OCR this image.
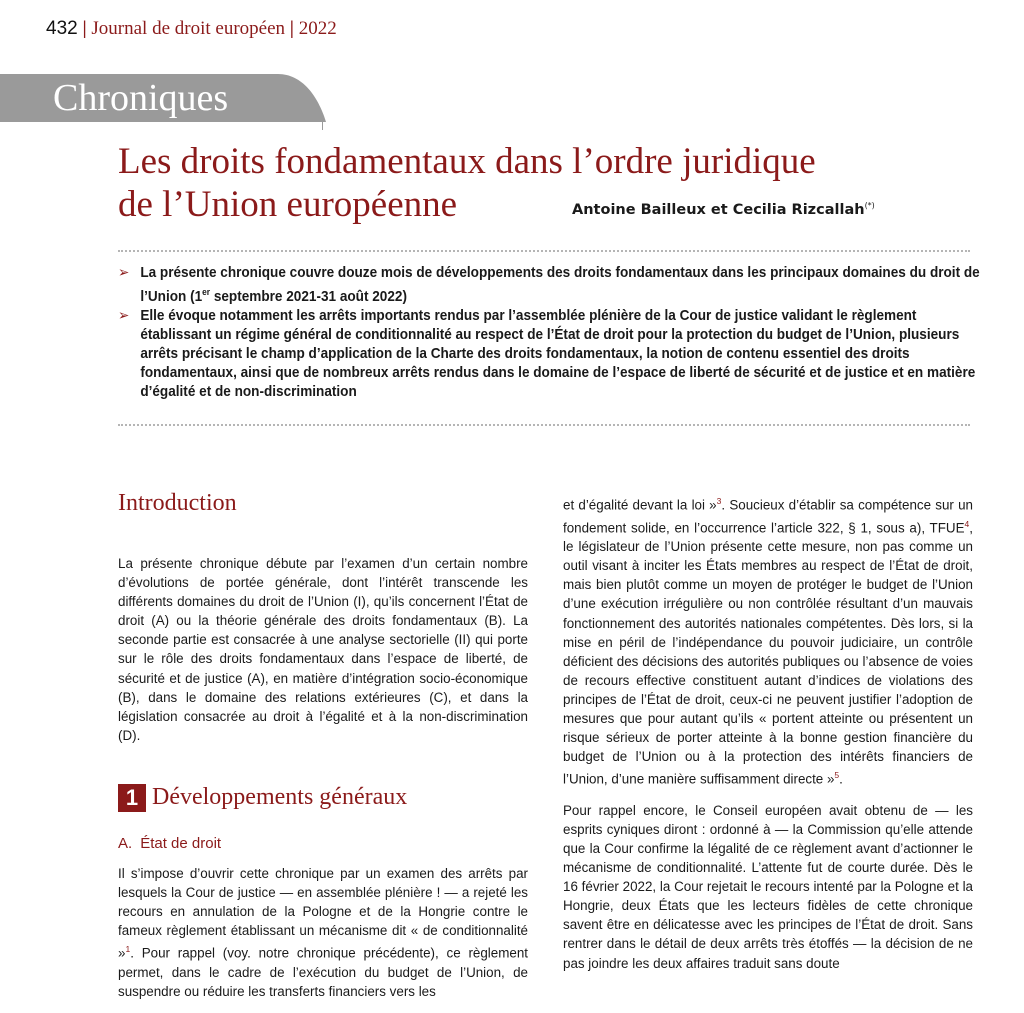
432 | Journal de droit européen | 2022
Chroniques
Les droits fondamentaux dans l’ordre juridique
de l’Union européenne	Antoine Bailleux et Cecilia Rizcallah(*)
➢ La présente chronique couvre douze mois de développements des droits fondamentaux dans les principaux domaines du droit de l’Union (1er septembre 2021-31 août 2022)
➢ Elle évoque notamment les arrêts importants rendus par l’assemblée plénière de la Cour de justice validant le règlement établissant un régime général de conditionnalité au respect de l’État de droit pour la protection du budget de l’Union, plusieurs arrêts précisant le champ d’application de la Charte des droits fondamentaux, la notion de contenu essentiel des droits fondamentaux, ainsi que de nombreux arrêts rendus dans le domaine de l’espace de liberté de sécurité et de justice et en matière d’égalité et de non-discrimination
Introduction

La présente chronique débute par l’examen d’un certain nombre d’évolutions de portée générale, dont l’intérêt transcende les différents domaines du droit de l’Union (I), qu’ils concernent l’État de droit (A) ou la théorie générale des droits fondamentaux (B). La seconde partie est consacrée à une analyse sectorielle (II) qui porte sur le rôle des droits fondamentaux dans l’espace de liberté, de sécurité et de justice (A), en matière d’intégration socio-économique (B), dans le domaine des relations extérieures (C), et dans la législation consacrée au droit à l’égalité et à la non-discrimination (D).

1 Développements généraux
A. État de droit

Il s’impose d’ouvrir cette chronique par un examen des arrêts par lesquels la Cour de justice — en assemblée plénière ! — a rejeté les recours en annulation de la Pologne et de la Hongrie contre le fameux règlement établissant un mécanisme dit « de conditionnalité »$^1$. Pour rappel (voy. notre chronique précédente), ce règlement permet, dans le cadre de l’exécution du budget de l’Union, de suspendre ou réduire les transferts financiers vers les

et d’égalité devant la loi »$^3$. Soucieux d’établir sa compétence sur un fondement solide, en l’occurrence l’article 322, § 1, sous a), TFUE$^4$, le législateur de l’Union présente cette mesure, non pas comme un outil visant à inciter les États membres au respect de l’État de droit, mais bien plutôt comme un moyen de protéger le budget de l’Union d’une exécution irrégulière ou non contrôlée résultant d’un mauvais fonctionnement des autorités nationales compétentes. Dès lors, si la mise en péril de l’indépendance du pouvoir judiciaire, un contrôle déficient des décisions des autorités publiques ou l’absence de voies de recours effective constituent autant d’indices de violations des principes de l’État de droit, ceux-ci ne peuvent justifier l’adoption de mesures que pour autant qu’ils « portent atteinte ou présentent un risque sérieux de porter atteinte à la bonne gestion financière du budget de l’Union ou à la protection des intérêts financiers de l’Union, d’une manière suffisamment directe »$^5$.

Pour rappel encore, le Conseil européen avait obtenu de — les esprits cyniques diront : ordonné à — la Commission qu’elle attende que la Cour confirme la légalité de ce règlement avant d’actionner le mécanisme de conditionnalité. L’attente fut de courte durée. Dès le 16 février 2022, la Cour rejetait le recours intenté par la Pologne et la Hongrie, deux États que les lecteurs fidèles de cette chronique savent être en délicatesse avec les principes de l’État de droit. Sans rentrer dans le détail de deux arrêts très étoffés — la décision de ne pas joindre les deux affaires traduit sans doute
